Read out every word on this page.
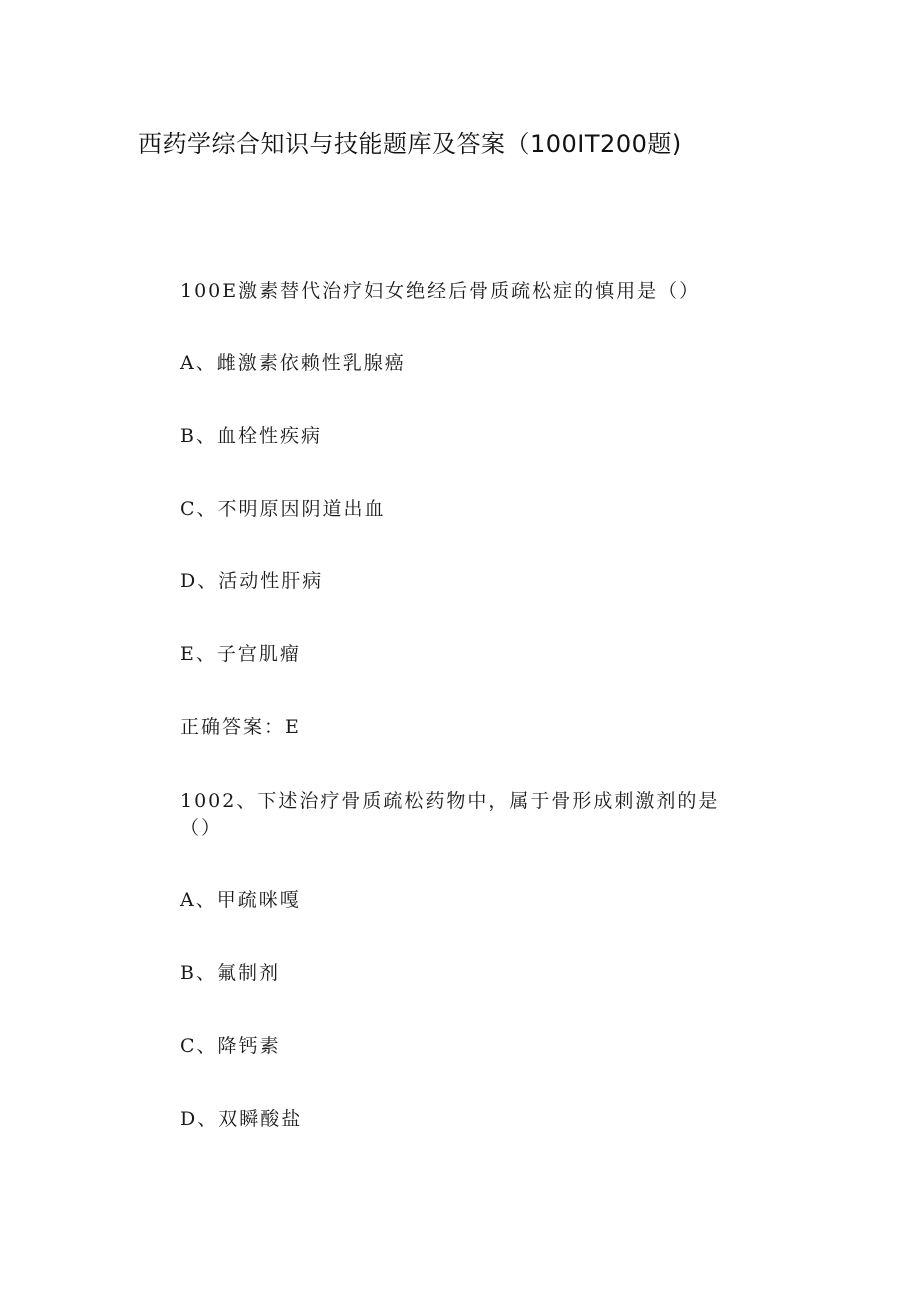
西药学综合知识与技能题库及答案（100IT200题)
100E激素替代治疗妇女绝经后骨质疏松症的慎用是（）
A、雌激素依赖性乳腺癌
B、血栓性疾病
C、不明原因阴道出血
D、活动性肝病
E、子宫肌瘤
正确答案：E
1002、下述治疗骨质疏松药物中，属于骨形成刺激剂的是
（）
A、甲疏咪嘎
B、氟制剂
C、降钙素
D、双瞬酸盐
